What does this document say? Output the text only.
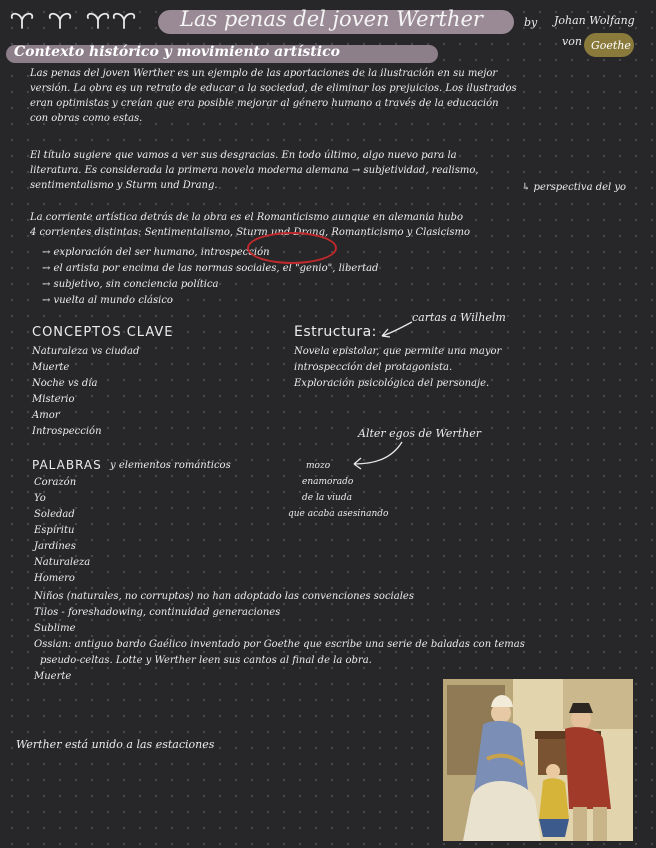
Las penas del joven Werther	by Johan Wolfang
von Goethe
Contexto histórico y movimiento artístico
Las penas del joven Werther es un ejemplo de las aportaciones de la ilustración en su mejor
versión. La obra es un retrato de educar a la sociedad, de eliminar los prejuicios. Los ilustrados
eran optimistas y creían que era posible mejorar al género humano a través de la educación
con obras como estas.
El título sugiere que vamos a ver sus desgracias. En todo último, algo nuevo para la
literatura. Es considerada la primera novela moderna alemana → subjetividad, realismo,
sentimentalismo y Sturm und Drang.	↳ perspectiva del yo
La corriente artística detrás de la obra es el Romanticismo aunque en alemania hubo
4 corrientes distintas: Sentimentalismo, Sturm und Drang, Romanticismo y Clasicismo
→ exploración del ser humano, introspección
→ el artista por encima de las normas sociales, el "genio", libertad
→ subjetivo, sin conciencia política
→ vuelta al mundo clásico
CONCEPTOS CLAVE
Naturaleza vs ciudad
Muerte
Noche vs día
Misterio
Amor
Introspección
cartas a Wilhelm
Estructura:
Novela epistolar, que permite una mayor
introspección del protagonista.
Exploración psicológica del personaje.
Alter egos de Werther
mozo
enamorado
de la viuda
que acaba asesinando
PALABRAS y elementos románticos
Corazón
Yo
Soledad
Espíritu
Jardines
Naturaleza
Homero
Niños (naturales, no corruptos) no han adoptado las convenciones sociales
Tilos - foreshadowing, continuidad generaciones
Sublime
Ossian: antiguo bardo Gaélico inventado por Goethe que escribe una serie de baladas con temas
pseudo-celtas. Lotte y Werther leen sus cantos al final de la obra.
Muerte
Werther está unido a las estaciones
